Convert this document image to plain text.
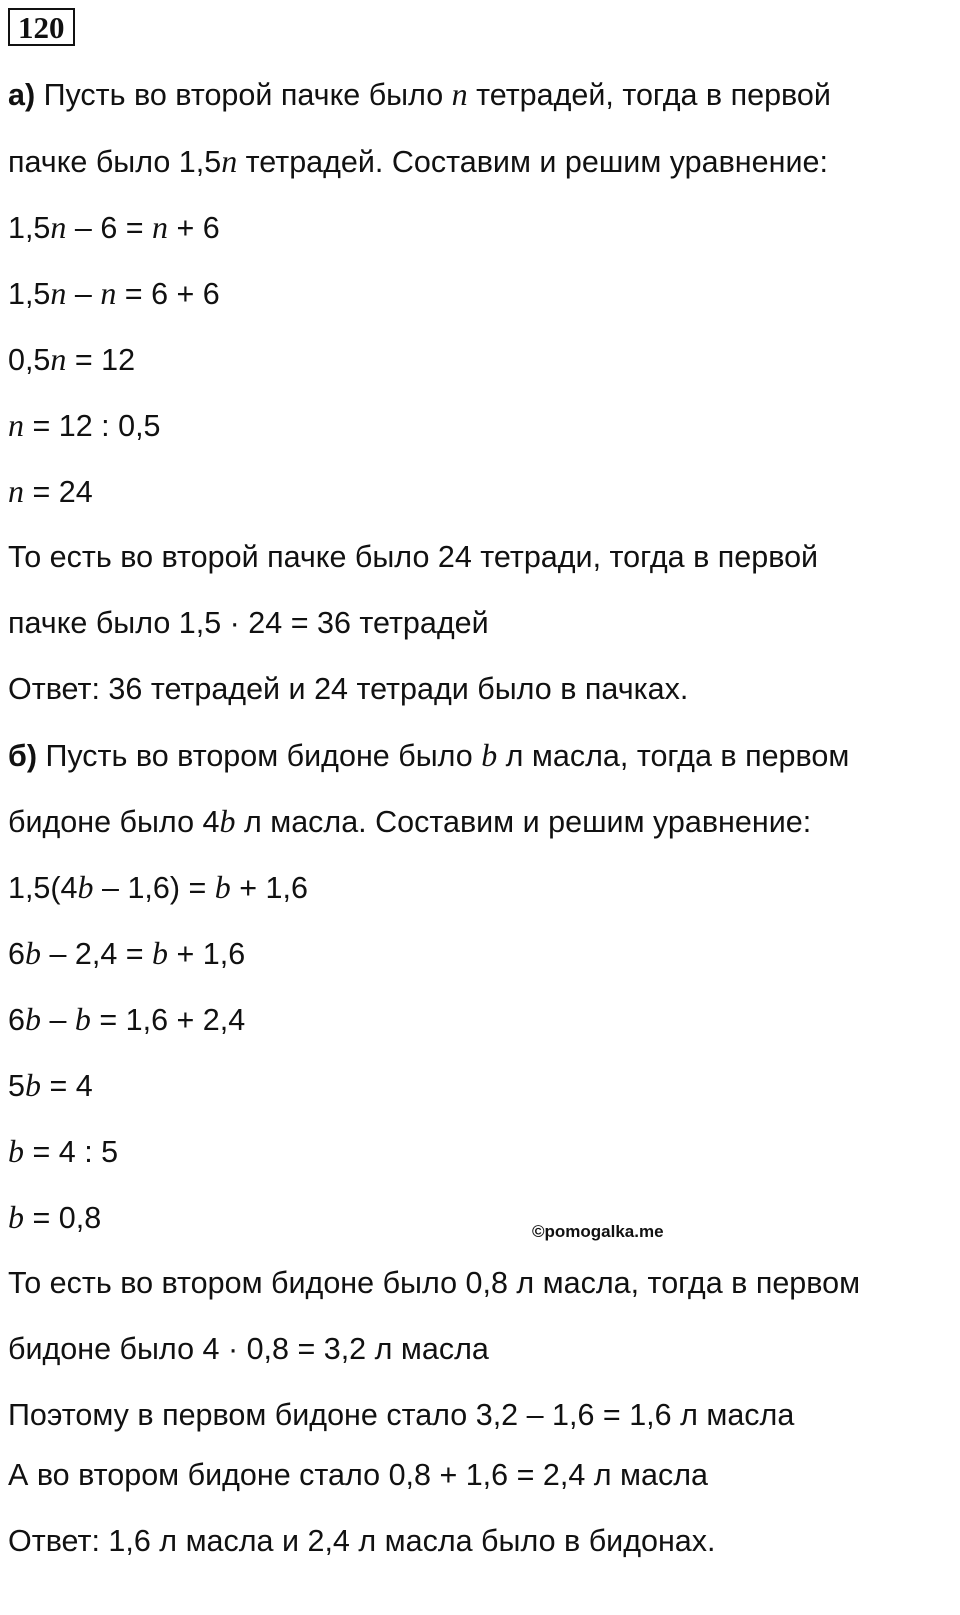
120
а) Пусть во второй пачке было n тетрадей, тогда в первой
пачке было 1,5n тетрадей. Составим и решим уравнение:
1,5n – 6 = n + 6
1,5n – n = 6 + 6
0,5n = 12
n = 12 : 0,5
n = 24
То есть во второй пачке было 24 тетради, тогда в первой
пачке было 1,5 · 24 = 36 тетрадей
Ответ: 36 тетрадей и 24 тетради было в пачках.
б) Пусть во втором бидоне было b л масла, тогда в первом
бидоне было 4b л масла. Составим и решим уравнение:
1,5(4b – 1,6) = b + 1,6
6b – 2,4 = b + 1,6
6b – b = 1,6 + 2,4
5b = 4
b = 4 : 5
b = 0,8	©pomogalka.me
То есть во втором бидоне было 0,8 л масла, тогда в первом
бидоне было 4 · 0,8 = 3,2 л масла
Поэтому в первом бидоне стало 3,2 – 1,6 = 1,6 л масла
А во втором бидоне стало 0,8 + 1,6 = 2,4 л масла
Ответ: 1,6 л масла и 2,4 л масла было в бидонах.
